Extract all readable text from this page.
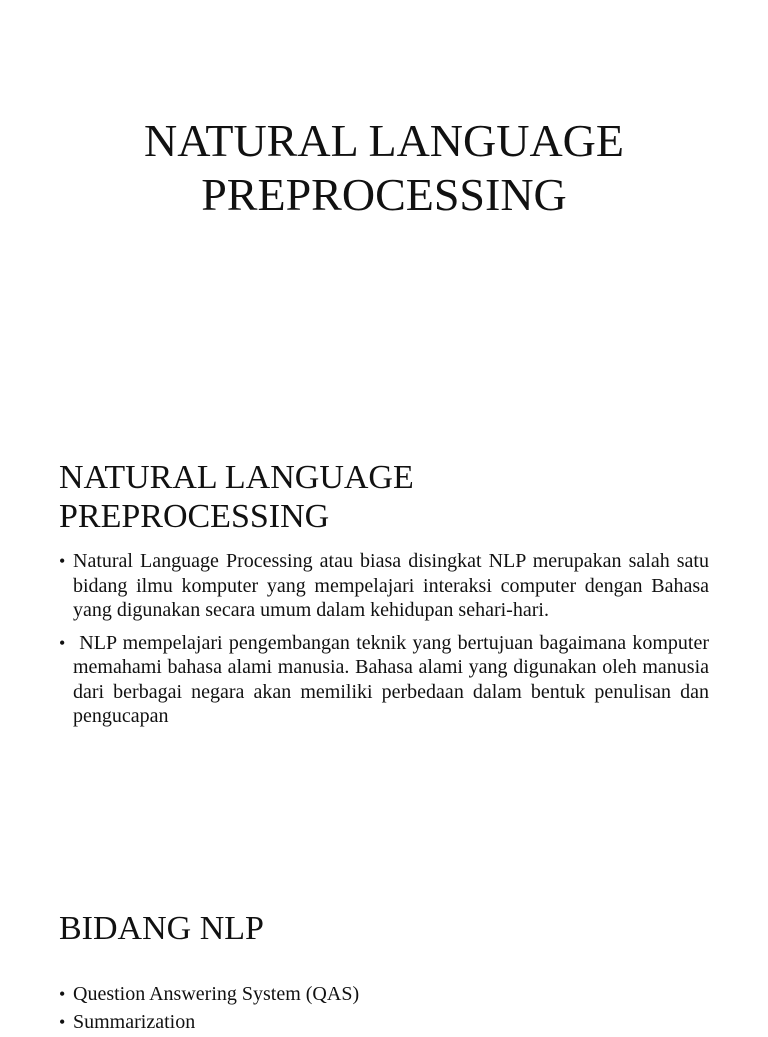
NATURAL LANGUAGE
PREPROCESSING
NATURAL LANGUAGE
PREPROCESSING
• Natural Language Processing atau biasa disingkat NLP merupakan salah satu bidang ilmu komputer yang mempelajari interaksi computer dengan Bahasa yang digunakan secara umum dalam kehidupan sehari-hari.
• NLP mempelajari pengembangan teknik yang bertujuan bagaimana komputer memahami bahasa alami manusia. Bahasa alami yang digunakan oleh manusia dari berbagai negara akan memiliki perbedaan dalam bentuk penulisan dan pengucapan
BIDANG NLP
• Question Answering System (QAS)
• Summarization
